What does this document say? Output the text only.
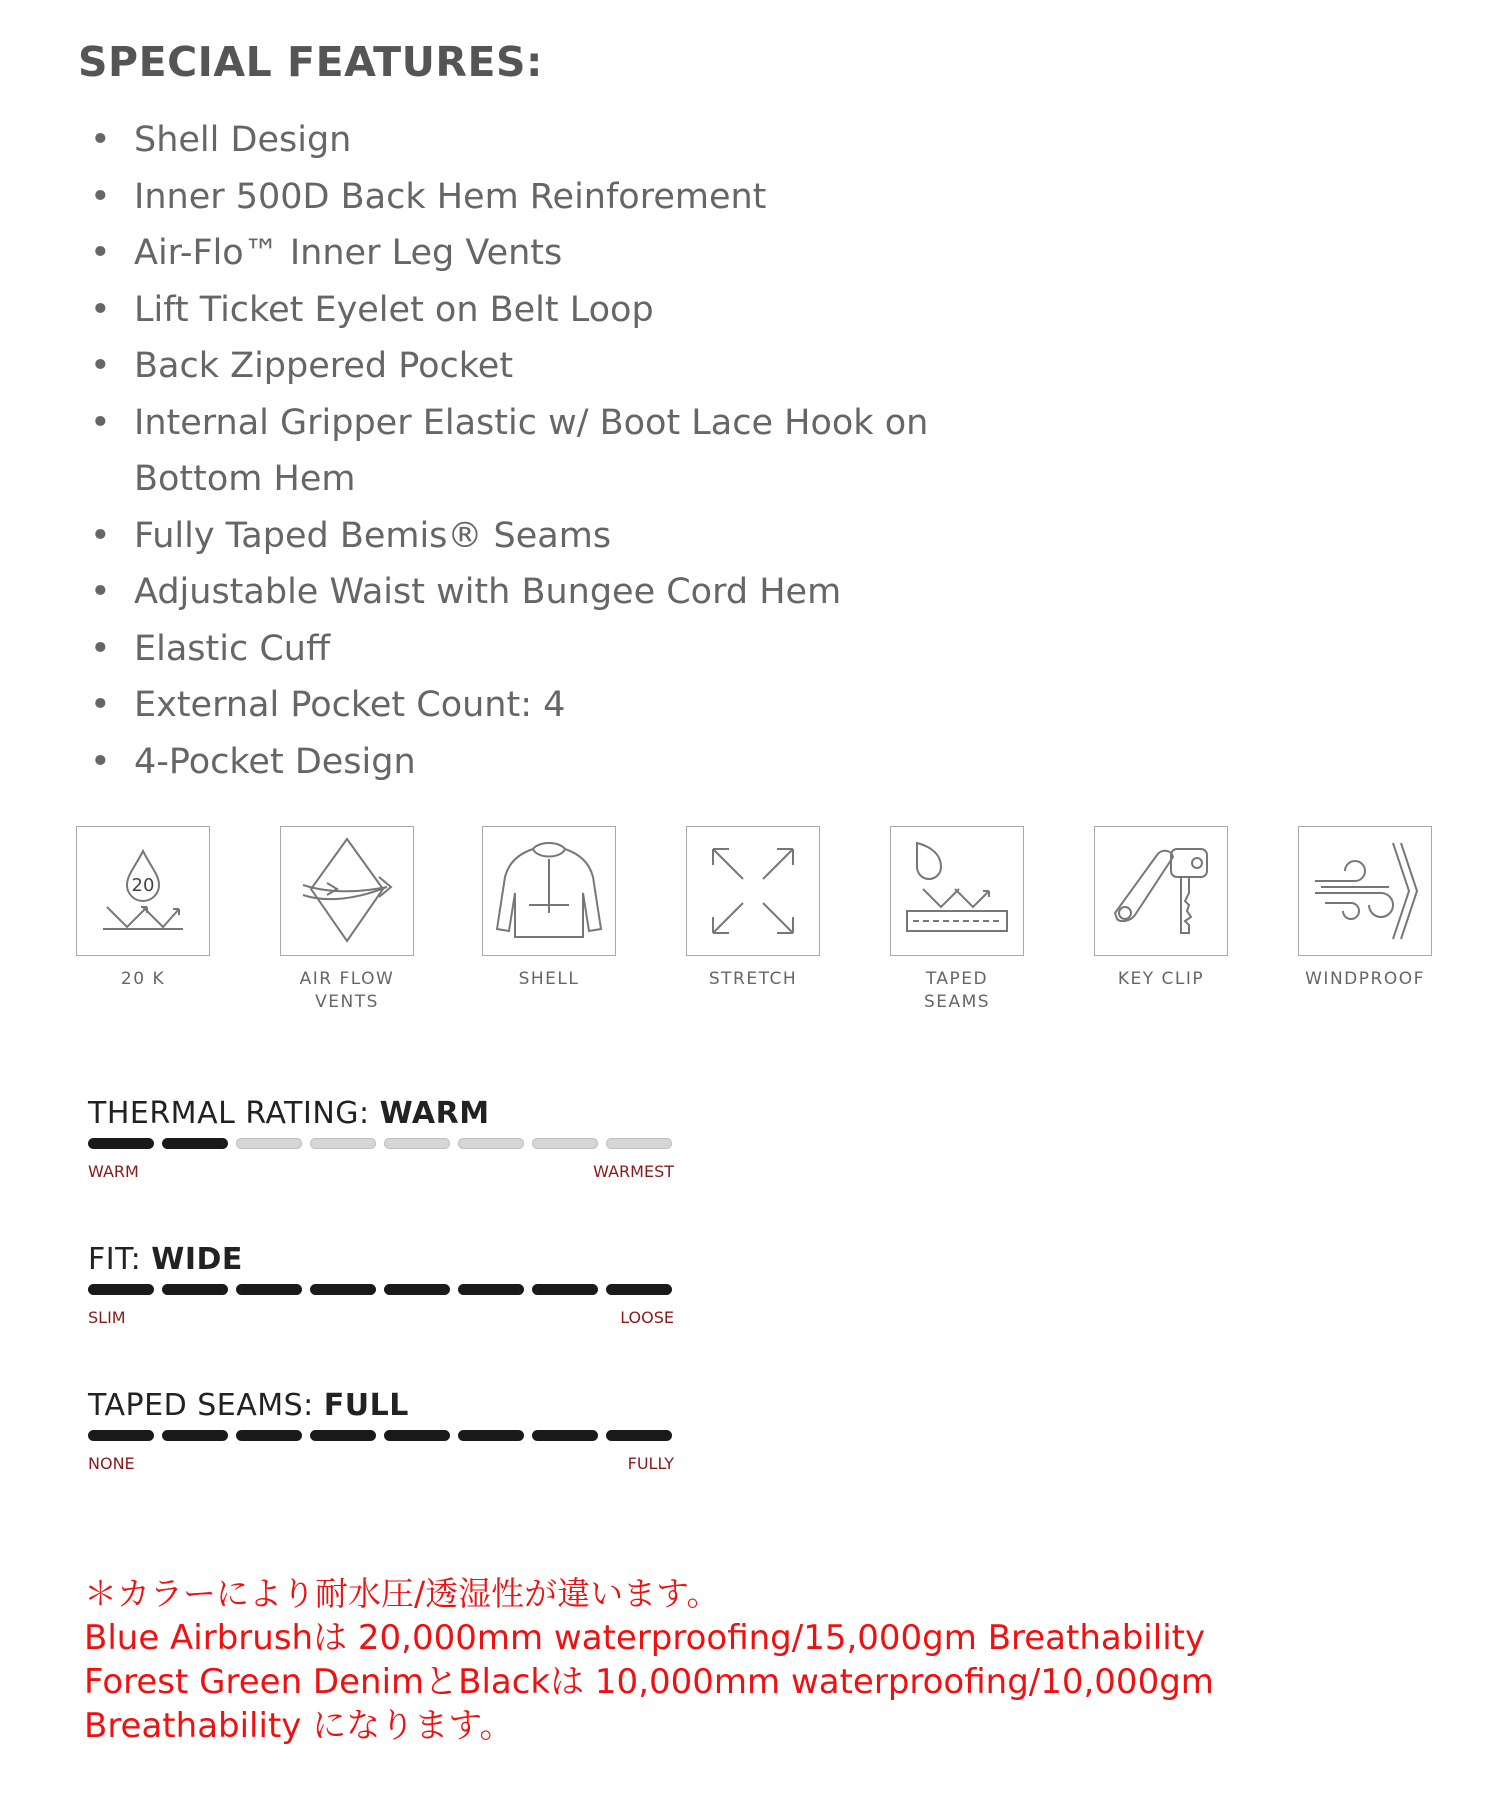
SPECIAL FEATURES:
• Shell Design
• Inner 500D Back Hem Reinforement
• Air-Flo™ Inner Leg Vents
• Lift Ticket Eyelet on Belt Loop
• Back Zippered Pocket
• Internal Gripper Elastic w/ Boot Lace Hook on Bottom Hem
• Fully Taped Bemis® Seams
• Adjustable Waist with Bungee Cord Hem
• Elastic Cuff
• External Pocket Count: 4
• 4-Pocket Design
20
20 K	AIR FLOW VENTS
SHELL	STRETCH	TAPED SEAMS
KEY CLIP	WINDPROOF
THERMAL RATING: WARM
WARM	WARMEST
FIT: WIDE
SLIM	LOOSE
TAPED SEAMS: FULL
NONE	FULLY
＊カラーにより耐水圧/透湿性が違います。
Blue Airbrushは 20,000mm waterproofing/15,000gm Breathability
Forest Green DenimとBlackは 10,000mm waterproofing/10,000gm
Breathability になります。
